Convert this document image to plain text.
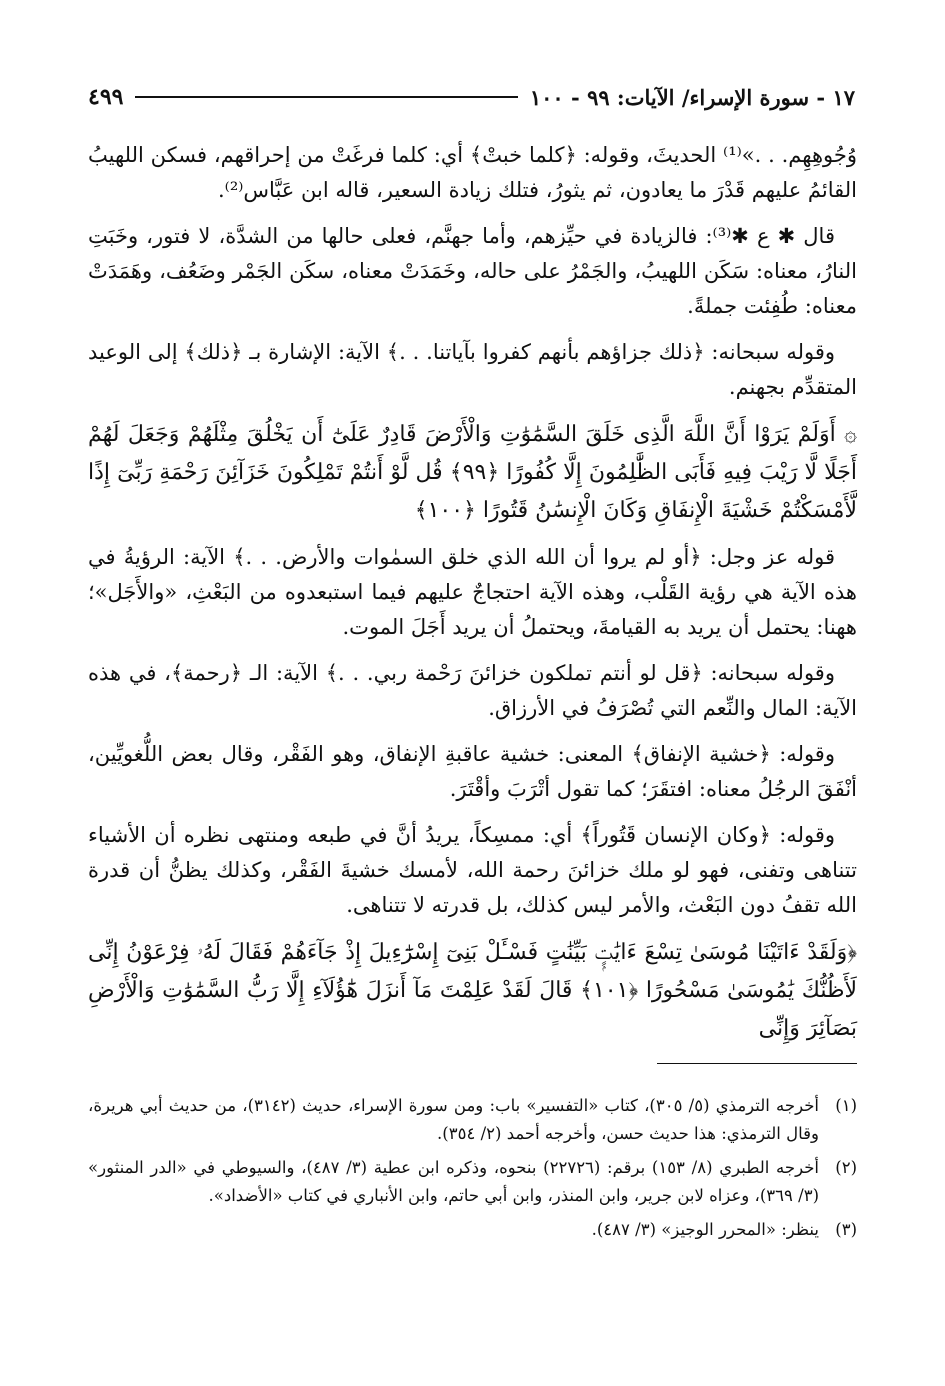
١٧ - سورة الإسراء/ الآيات: ٩٩ - ١٠٠
٤٩٩

وُجُوهِهِم. . .»⁽¹⁾ الحديثَ، وقوله: ﴿كلما خبتْ﴾ أي: كلما فرغَتْ من إحراقهم، فسكن اللهيبُ القائمُ عليهم قَدْرَ ما يعادون، ثم يثورُ، فتلك زيادة السعير، قاله ابن عَبَّاس⁽²⁾.

قال ✱ ع ✱⁽³⁾: فالزيادة في حيِّزهم، وأما جهنَّم، فعلى حالها من الشدَّة، لا فتور، وخَبَتِ النارُ، معناه: سَكَن اللهيبُ، والجَمْرُ على حاله، وخَمَدَتْ معناه، سكَن الجَمْر وضَعُف، وهَمَدَتْ معناه: طُفِئت جملةً.

وقوله سبحانه: ﴿ذلك جزاؤهم بأنهم كفروا بآياتنا. . .﴾ الآية: الإشارة بـ ﴿ذلك﴾ إلى الوعيد المتقدِّم بجهنم.

۞ أَوَلَمْ يَرَوْا أَنَّ اللَّهَ الَّذِى خَلَقَ السَّمَٰوَٰتِ وَالْأَرْضَ قَادِرٌ عَلَىٰٓ أَن يَخْلُقَ مِثْلَهُمْ وَجَعَلَ لَهُمْ أَجَلًا لَّا رَيْبَ فِيهِ فَأَبَى الظَّٰلِمُونَ إِلَّا كُفُورًا ﴿٩٩﴾ قُل لَّوْ أَنتُمْ تَمْلِكُونَ خَزَآئِنَ رَحْمَةِ رَبِّىٓ إِذًا لَّأَمْسَكْتُمْ خَشْيَةَ الْإِنفَاقِ وَكَانَ الْإِنسَٰنُ قَتُورًا ﴿١٠٠﴾

قوله عز وجل: ﴿أو لم يروا أن الله الذي خلق السمٰوات والأرض. . .﴾ الآية: الرؤيةُ في هذه الآية هي رؤية القَلْب، وهذه الآية احتجاجٌ عليهم فيما استبعدوه من البَعْثِ، «والأَجَل»؛ ههنا: يحتمل أن يريد به القيامةَ، ويحتملُ أن يريد أَجَلَ الموت.

وقوله سبحانه: ﴿قل لو أنتم تملكون خزائنَ رَحْمة ربي. . .﴾ الآية: الـ ﴿رحمة﴾، في هذه الآية: المال والنِّعم التي تُصْرَفُ في الأرزاق.

وقوله: ﴿خشية الإنفاق﴾ المعنى: خشية عاقبةِ الإنفاق، وهو الفَقْر، وقال بعض اللُّغويِّين، أنْفَقَ الرجُلُ معناه: افتقَرَ؛ كما تقول أتْرَبَ وأقْتَرَ.

وقوله: ﴿وكان الإنسان قَتُوراً﴾ أي: ممسِكاً، يريدُ أنَّ في طبعه ومنتهى نظره أن الأشياء تتناهى وتفنى، فهو لو ملك خزائنَ رحمة الله، لأمسك خشيةَ الفَقْر، وكذلك يظنُّ أن قدرة الله تقفُ دون البَعْث، والأمر ليس كذلك، بل قدرته لا تتناهى.

﴿وَلَقَدْ ءَاتَيْنَا مُوسَىٰ تِسْعَ ءَايَٰتٍۭ بَيِّنَٰتٍ فَسْـَٔلْ بَنِىٓ إِسْرَٰٓءِيلَ إِذْ جَآءَهُمْ فَقَالَ لَهُۥ فِرْعَوْنُ إِنِّى لَأَظُنُّكَ يَٰمُوسَىٰ مَسْحُورًا ﴿١٠١﴾ قَالَ لَقَدْ عَلِمْتَ مَآ أَنزَلَ هَٰٓؤُلَآءِ إِلَّا رَبُّ السَّمَٰوَٰتِ وَالْأَرْضِ بَصَآئِرَ وَإِنِّى

(١)
أخرجه الترمذي (٥/ ٣٠٥)، كتاب «التفسير» باب: ومن سورة الإسراء، حديث (٣١٤٢)، من حديث أبي هريرة، وقال الترمذي: هذا حديث حسن، وأخرجه أحمد (٢/ ٣٥٤).
(٢)
أخرجه الطبري (٨/ ١٥٣) برقم: (٢٢٧٢٦) بنحوه، وذكره ابن عطية (٣/ ٤٨٧)، والسيوطي في «الدر المنثور» (٣/ ٣٦٩)، وعزاه لابن جرير، وابن المنذر، وابن أبي حاتم، وابن الأنباري في كتاب «الأضداد».
(٣)
ينظر: «المحرر الوجيز» (٣/ ٤٨٧).
